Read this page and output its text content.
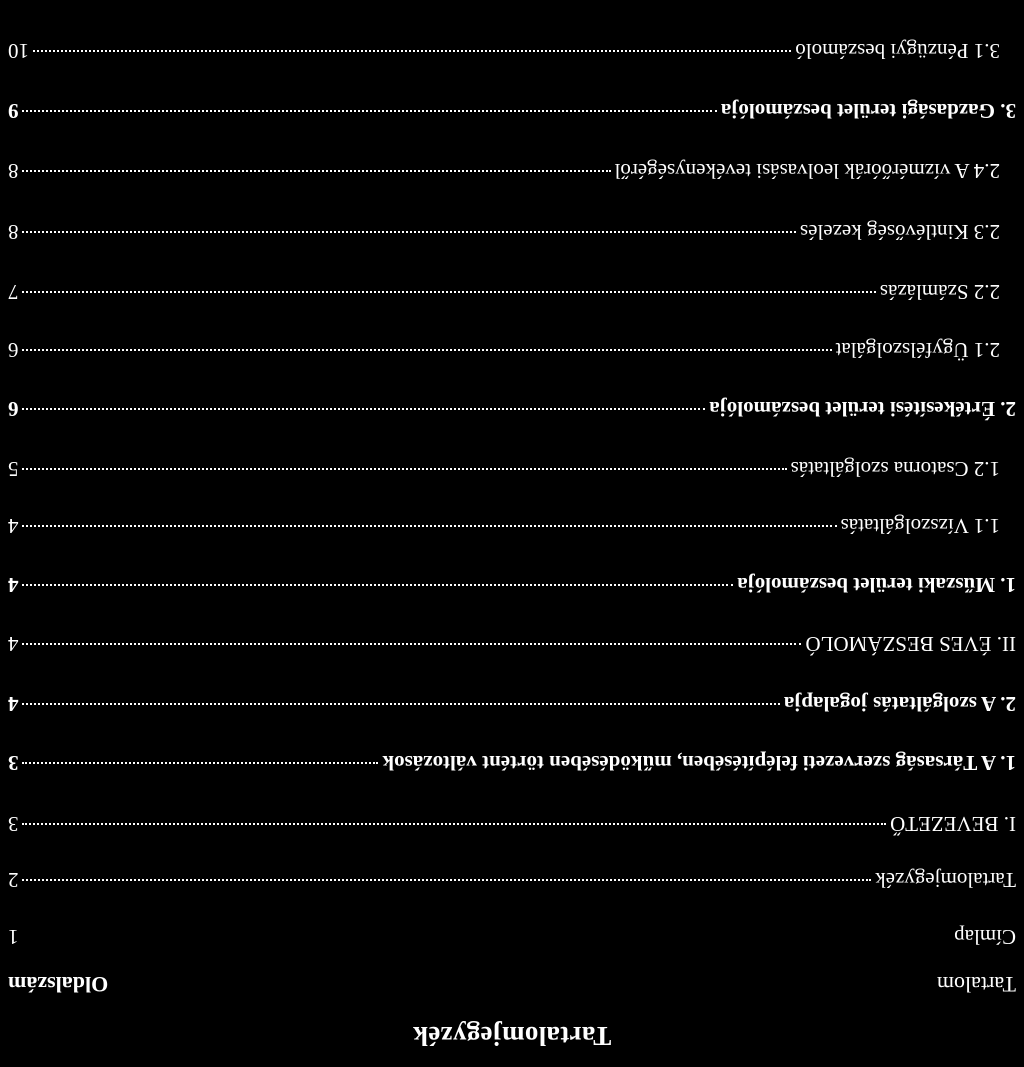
Tartalomjegyzék
Tartalom
Oldalszám
Címlap
1
Tartalomjegyzék
2
I. BEVEZETŐ
3
1. A Társaság szervezeti felépítésében, működésében történt változások
3
2. A szolgáltatás jogalapja
4
II. ÉVES BESZÁMOLÓ
4
1. Műszaki terület beszámolója
4
1.1 Vízszolgáltatás
4
1.2 Csatorna szolgáltatás
5
2. Értékesítési terület beszámolója
6
2.1 Ügyfélszolgálat
6
2.2 Számlázás
7
2.3 Kintlévőség kezelés
8
2.4 A vízmérőórák leolvasási tevékenységéről
8
3. Gazdasági terület beszámolója
9
3.1 Pénzügyi beszámoló
10
